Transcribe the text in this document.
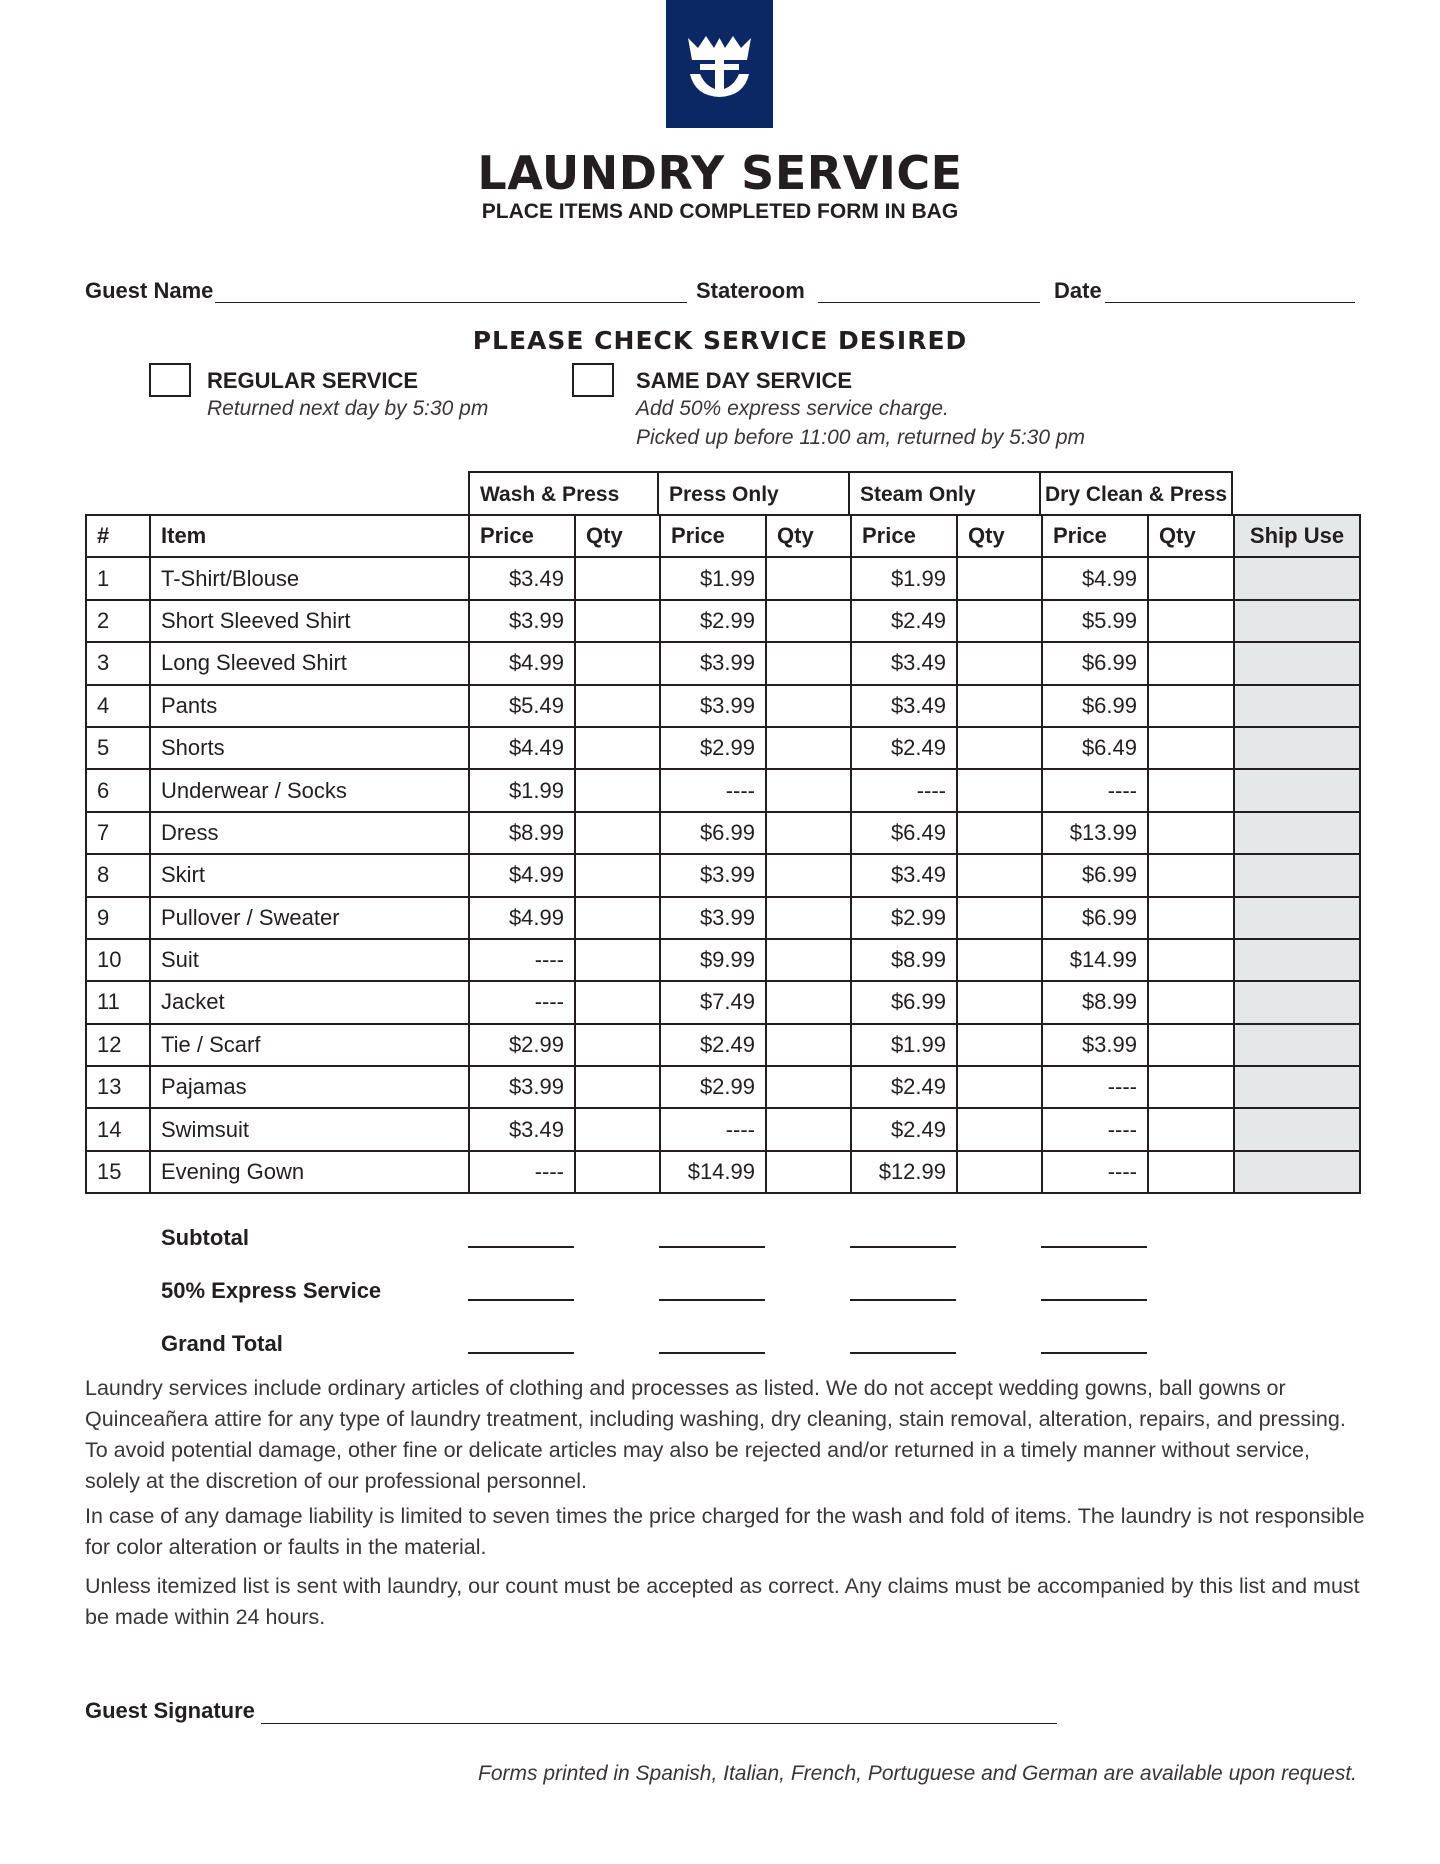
LAUNDRY SERVICE
PLACE ITEMS AND COMPLETED FORM IN BAG
Guest Name	Stateroom	Date
PLEASE CHECK SERVICE DESIRED
REGULAR SERVICE
Returned next day by 5:30 pm
SAME DAY SERVICE
Add 50% express service charge.
Picked up before 11:00 am, returned by 5:30 pm
Wash & Press	Press Only	Steam Only	Dry Clean & Press
#	Item	Price	Qty	Price	Qty	Price	Qty	Price	Qty	Ship Use
1	T-Shirt/Blouse	$3.49		$1.99		$1.99		$4.99		
2	Short Sleeved Shirt	$3.99		$2.99		$2.49		$5.99		
3	Long Sleeved Shirt	$4.99		$3.99		$3.49		$6.99		
4	Pants	$5.49		$3.99		$3.49		$6.99		
5	Shorts	$4.49		$2.99		$2.49		$6.49		
6	Underwear / Socks	$1.99		----		----		----		
7	Dress	$8.99		$6.99		$6.49		$13.99		
8	Skirt	$4.99		$3.99		$3.49		$6.99		
9	Pullover / Sweater	$4.99		$3.99		$2.99		$6.99		
10	Suit	----		$9.99		$8.99		$14.99		
11	Jacket	----		$7.49		$6.99		$8.99		
12	Tie / Scarf	$2.99		$2.49		$1.99		$3.99		
13	Pajamas	$3.99		$2.99		$2.49		----		
14	Swimsuit	$3.49		----		$2.49		----		
15	Evening Gown	----		$14.99		$12.99		----		
Subtotal
50% Express Service
Grand Total
Laundry services include ordinary articles of clothing and processes as listed. We do not accept wedding gowns, ball gowns or Quinceañera attire for any type of laundry treatment, including washing, dry cleaning, stain removal, alteration, repairs, and pressing. To avoid potential damage, other fine or delicate articles may also be rejected and/or returned in a timely manner without service, solely at the discretion of our professional personnel.
In case of any damage liability is limited to seven times the price charged for the wash and fold of items. The laundry is not responsible for color alteration or faults in the material.
Unless itemized list is sent with laundry, our count must be accepted as correct. Any claims must be accompanied by this list and must be made within 24 hours.
Guest Signature
Forms printed in Spanish, Italian, French, Portuguese and German are available upon request.
